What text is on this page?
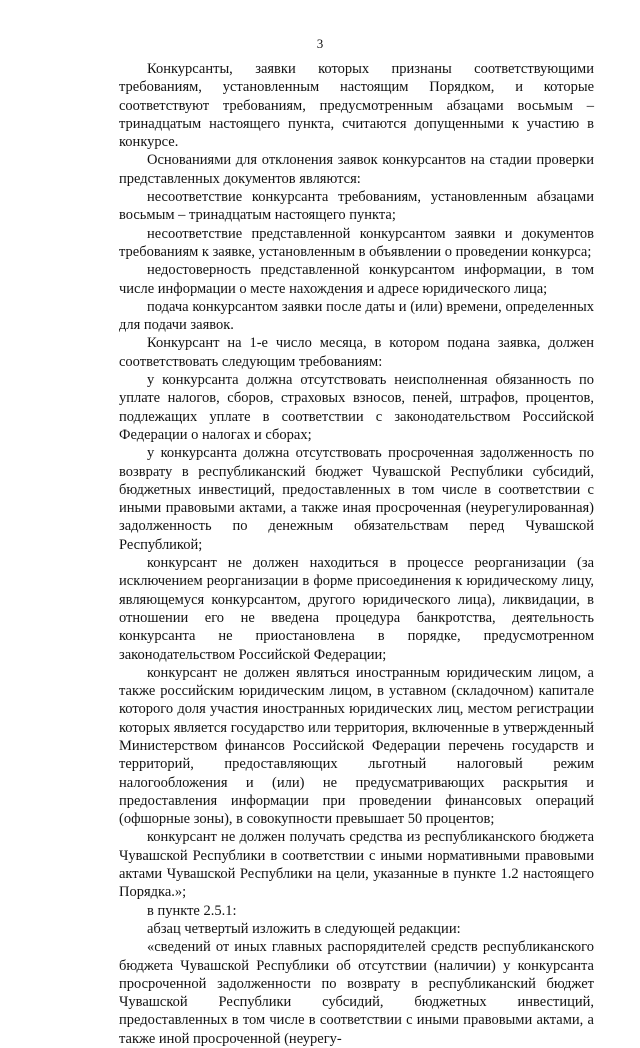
3

Конкурсанты, заявки которых признаны соответствующими требованиям, установленным настоящим Порядком, и которые соответствуют требованиям, предусмотренным абзацами восьмым – тринадцатым настоящего пункта, считаются допущенными к участию в конкурсе.

Основаниями для отклонения заявок конкурсантов на стадии проверки представленных документов являются:

несоответствие конкурсанта требованиям, установленным абзацами восьмым – тринадцатым настоящего пункта;

несоответствие представленной конкурсантом заявки и документов требованиям к заявке, установленным в объявлении о проведении конкурса;

недостоверность представленной конкурсантом информации, в том числе информации о месте нахождения и адресе юридического лица;

подача конкурсантом заявки после даты и (или) времени, определенных для подачи заявок.

Конкурсант на 1-е число месяца, в котором подана заявка, должен соответствовать следующим требованиям:

у конкурсанта должна отсутствовать неисполненная обязанность по уплате налогов, сборов, страховых взносов, пеней, штрафов, процентов, подлежащих уплате в соответствии с законодательством Российской Федерации о налогах и сборах;

у конкурсанта должна отсутствовать просроченная задолженность по возврату в республиканский бюджет Чувашской Республики субсидий, бюджетных инвестиций, предоставленных в том числе в соответствии с иными правовыми актами, а также иная просроченная (неурегулированная) задолженность по денежным обязательствам перед Чувашской Республикой;

конкурсант не должен находиться в процессе реорганизации (за исключением реорганизации в форме присоединения к юридическому лицу, являющемуся конкурсантом, другого юридического лица), ликвидации, в отношении его не введена процедура банкротства, деятельность конкурсанта не приостановлена в порядке, предусмотренном законодательством Российской Федерации;

конкурсант не должен являться иностранным юридическим лицом, а также российским юридическим лицом, в уставном (складочном) капитале которого доля участия иностранных юридических лиц, местом регистрации которых является государство или территория, включенные в утвержденный Министерством финансов Российской Федерации перечень государств и территорий, предоставляющих льготный налоговый режим налогообложения и (или) не предусматривающих раскрытия и предоставления информации при проведении финансовых операций (офшорные зоны), в совокупности превышает 50 процентов;

конкурсант не должен получать средства из республиканского бюджета Чувашской Республики в соответствии с иными нормативными правовыми актами Чувашской Республики на цели, указанные в пункте 1.2 настоящего Порядка.»;

в пункте 2.5.1:

абзац четвертый изложить в следующей редакции:

«сведений от иных главных распорядителей средств республиканского бюджета Чувашской Республики об отсутствии (наличии) у конкурсанта просроченной задолженности по возврату в республиканский бюджет Чувашской Республики субсидий, бюджетных инвестиций, предоставленных в том числе в соответствии с иными правовыми актами, а также иной просроченной (неурегу-
